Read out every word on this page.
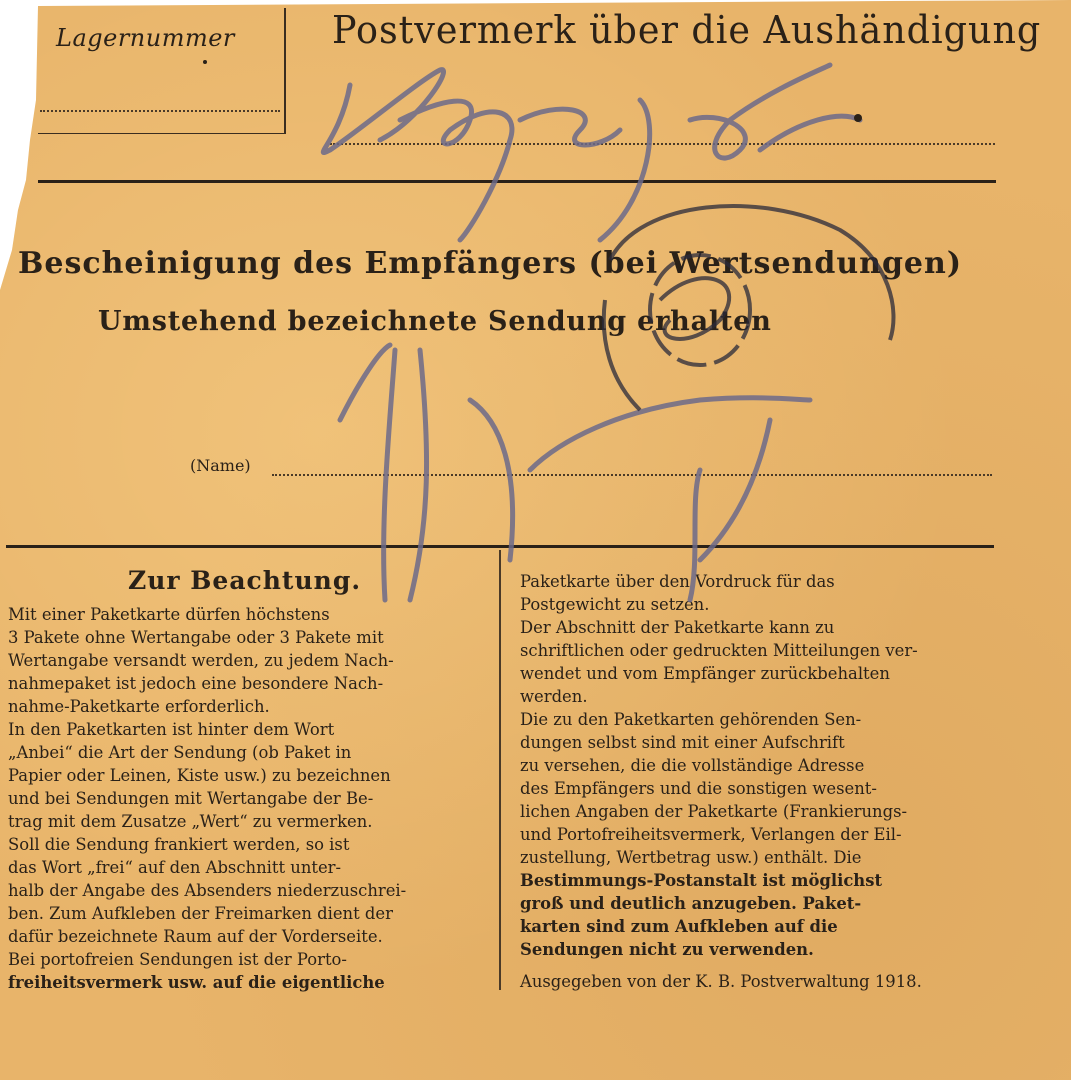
Lagernummer	Postvermerk über die Aushändigung
Bescheinigung des Empfängers (bei Wertsendungen)
Umstehend bezeichnete Sendung erhalten
(Name)
Zur Beachtung.
Mit einer Paketkarte dürfen höchstens
3 Pakete ohne Wertangabe oder 3 Pakete mit
Wertangabe versandt werden, zu jedem Nach-
nahmepaket ist jedoch eine besondere Nach-
nahme-Paketkarte erforderlich.
In den Paketkarten ist hinter dem Wort
„Anbei“ die Art der Sendung (ob Paket in
Papier oder Leinen, Kiste usw.) zu bezeichnen
und bei Sendungen mit Wertangabe der Be-
trag mit dem Zusatze „Wert“ zu vermerken.
Soll die Sendung frankiert werden, so ist
das Wort „frei“ auf den Abschnitt unter-
halb der Angabe des Absenders niederzuschrei-
ben. Zum Aufkleben der Freimarken dient der
dafür bezeichnete Raum auf der Vorderseite.
Bei portofreien Sendungen ist der Porto-
freiheitsvermerk usw. auf die eigentliche
Paketkarte über den Vordruck für das
Postgewicht zu setzen.
Der Abschnitt der Paketkarte kann zu
schriftlichen oder gedruckten Mitteilungen ver-
wendet und vom Empfänger zurückbehalten
werden.
Die zu den Paketkarten gehörenden Sen-
dungen selbst sind mit einer Aufschrift
zu versehen, die die vollständige Adresse
des Empfängers und die sonstigen wesent-
lichen Angaben der Paketkarte (Frankierungs-
und Portofreiheitsvermerk, Verlangen der Eil-
zustellung, Wertbetrag usw.) enthält. Die
Bestimmungs-Postanstalt ist möglichst
groß und deutlich anzugeben. Paket-
karten sind zum Aufkleben auf die
Sendungen nicht zu verwenden.
Ausgegeben von der K. B. Postverwaltung 1918.
